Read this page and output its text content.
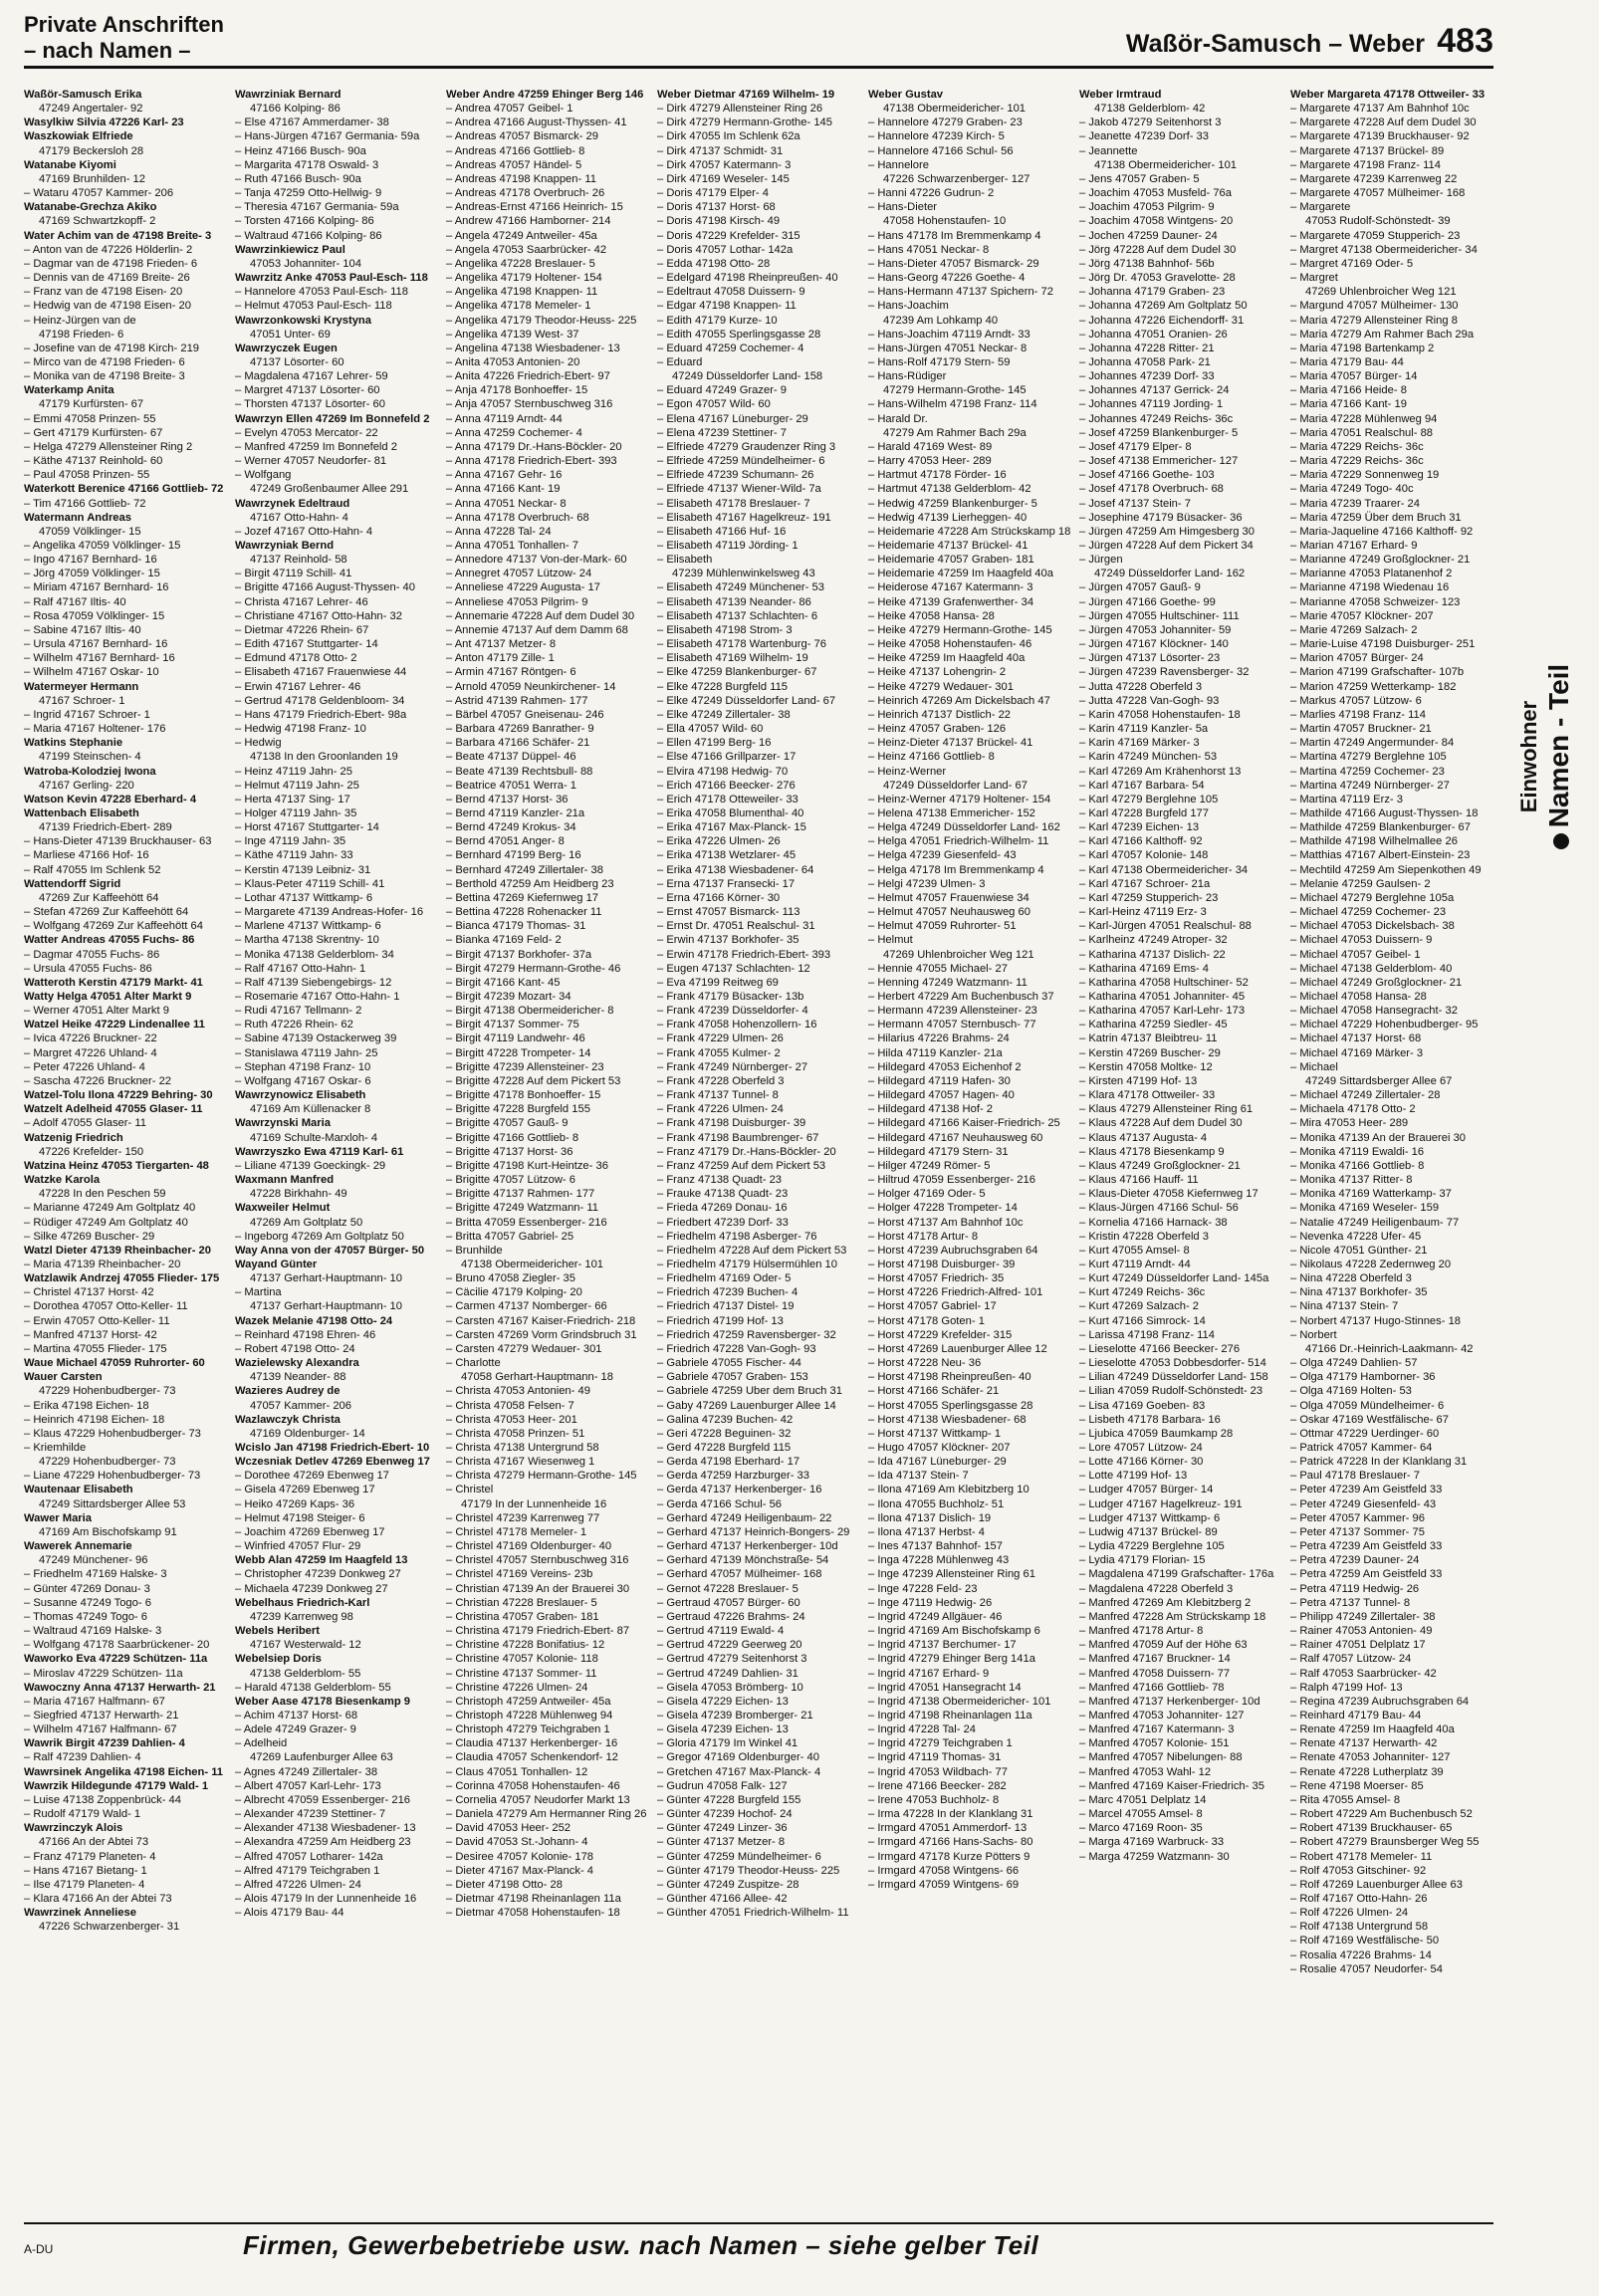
Private Anschriften
– nach Namen –	Waßör-Samusch – Weber 483
Waßör-Samusch Erika
47249 Angertaler- 92
Wasylkiw Silvia 47226 Karl- 23
Waszkowiak Elfriede
47179 Beckersloh 28
Watanabe Kiyomi
47169 Brunhilden- 12
– Wataru 47057 Kammer- 206
Watanabe-Grechza Akiko
47169 Schwartzkopff- 2
Water Achim van de 47198 Breite- 3
– Anton van de 47226 Hölderlin- 2
– Dagmar van de 47198 Frieden- 6
– Dennis van de 47169 Breite- 26
– Franz van de 47198 Eisen- 20
– Hedwig van de 47198 Eisen- 20
– Heinz-Jürgen van de
47198 Frieden- 6
– Josefine van de 47198 Kirch- 219
– Mirco van de 47198 Frieden- 6
– Monika van de 47198 Breite- 3
Waterkamp Anita
47179 Kurfürsten- 67
– Emmi 47058 Prinzen- 55
– Gert 47179 Kurfürsten- 67
– Helga 47279 Allensteiner Ring 2
– Käthe 47137 Reinhold- 60
– Paul 47058 Prinzen- 55
Waterkott Berenice 47166 Gottlieb- 72
– Tim 47166 Gottlieb- 72
Watermann Andreas
47059 Völklinger- 15
– Angelika 47059 Völklinger- 15
– Ingo 47167 Bernhard- 16
– Jörg 47059 Völklinger- 15
– Miriam 47167 Bernhard- 16
– Ralf 47167 Iltis- 40
– Rosa 47059 Völklinger- 15
– Sabine 47167 Iltis- 40
– Ursula 47167 Bernhard- 16
– Wilhelm 47167 Bernhard- 16
– Wilhelm 47167 Oskar- 10
Watermeyer Hermann
47167 Schroer- 1
– Ingrid 47167 Schroer- 1
– Maria 47167 Holtener- 176
Watkins Stephanie
47199 Steinschen- 4
Watroba-Kolodziej Iwona
47167 Gerling- 220
Watson Kevin 47228 Eberhard- 4
Wattenbach Elisabeth
47139 Friedrich-Ebert- 289
– Hans-Dieter 47139 Bruckhauser- 63
– Marliese 47166 Hof- 16
– Ralf 47055 Im Schlenk 52
Wattendorff Sigrid
47269 Zur Kaffeehött 64
– Stefan 47269 Zur Kaffeehött 64
– Wolfgang 47269 Zur Kaffeehött 64
Watter Andreas 47055 Fuchs- 86
– Dagmar 47055 Fuchs- 86
– Ursula 47055 Fuchs- 86
Watteroth Kerstin 47179 Markt- 41
Watty Helga 47051 Alter Markt 9
– Werner 47051 Alter Markt 9
Watzel Heike 47229 Lindenallee 11
– Ivica 47226 Bruckner- 22
– Margret 47226 Uhland- 4
– Peter 47226 Uhland- 4
– Sascha 47226 Bruckner- 22
Watzel-Tolu Ilona 47229 Behring- 30
Watzelt Adelheid 47055 Glaser- 11
– Adolf 47055 Glaser- 11
Watzenig Friedrich
47226 Krefelder- 150
Watzina Heinz 47053 Tiergarten- 48
Watzke Karola
47228 In den Peschen 59
– Marianne 47249 Am Goltplatz 40
– Rüdiger 47249 Am Goltplatz 40
– Silke 47269 Buscher- 29
Watzl Dieter 47139 Rheinbacher- 20
– Maria 47139 Rheinbacher- 20
Watzlawik Andrzej 47055 Flieder- 175
– Christel 47137 Horst- 42
– Dorothea 47057 Otto-Keller- 11
– Erwin 47057 Otto-Keller- 11
– Manfred 47137 Horst- 42
– Martina 47055 Flieder- 175
Waue Michael 47059 Ruhrorter- 60
Wauer Carsten
47229 Hohenbudberger- 73
– Erika 47198 Eichen- 18
– Heinrich 47198 Eichen- 18
– Klaus 47229 Hohenbudberger- 73
– Kriemhilde
47229 Hohenbudberger- 73
– Liane 47229 Hohenbudberger- 73
Wautenaar Elisabeth
47249 Sittardsberger Allee 53
Wawer Maria
47169 Am Bischofskamp 91
Wawerek Annemarie
47249 Münchener- 96
– Friedhelm 47169 Halske- 3
– Günter 47269 Donau- 3
– Susanne 47249 Togo- 6
– Thomas 47249 Togo- 6
– Waltraud 47169 Halske- 3
– Wolfgang 47178 Saarbrückener- 20
Waworko Eva 47229 Schützen- 11a
– Miroslav 47229 Schützen- 11a
Wawoczny Anna 47137 Herwarth- 21
– Maria 47167 Halfmann- 67
– Siegfried 47137 Herwarth- 21
– Wilhelm 47167 Halfmann- 67
Wawrik Birgit 47239 Dahlien- 4
– Ralf 47239 Dahlien- 4
Wawrsinek Angelika 47198 Eichen- 11
Wawrzik Hildegunde 47179 Wald- 1
– Luise 47138 Zoppenbrück- 44
– Rudolf 47179 Wald- 1
Wawrzinczyk Alois
47166 An der Abtei 73
– Franz 47179 Planeten- 4
– Hans 47167 Bietang- 1
– Ilse 47179 Planeten- 4
– Klara 47166 An der Abtei 73
Wawrzinek Anneliese
47226 Schwarzenberger- 31
Wawrziniak Bernard
47166 Kolping- 86
– Else 47167 Ammerdamer- 38
– Hans-Jürgen 47167 Germania- 59a
– Heinz 47166 Busch- 90a
– Margarita 47178 Oswald- 3
– Ruth 47166 Busch- 90a
– Tanja 47259 Otto-Hellwig- 9
– Theresia 47167 Germania- 59a
– Torsten 47166 Kolping- 86
– Waltraud 47166 Kolping- 86
Wawrzinkiewicz Paul
47053 Johanniter- 104
Wawrzitz Anke 47053 Paul-Esch- 118
– Hannelore 47053 Paul-Esch- 118
– Helmut 47053 Paul-Esch- 118
Wawrzonkowski Krystyna
47051 Unter- 69
Wawrzyczek Eugen
47137 Lösorter- 60
– Magdalena 47167 Lehrer- 59
– Margret 47137 Lösorter- 60
– Thorsten 47137 Lösorter- 60
Wawrzyn Ellen 47269 Im Bonnefeld 2
– Evelyn 47053 Mercator- 22
– Manfred 47259 Im Bonnefeld 2
– Werner 47057 Neudorfer- 81
– Wolfgang
47249 Großenbaumer Allee 291
Wawrzynek Edeltraud
47167 Otto-Hahn- 4
– Jozef 47167 Otto-Hahn- 4
Wawrzyniak Bernd
47137 Reinhold- 58
– Birgit 47119 Schill- 41
– Brigitte 47166 August-Thyssen- 40
– Christa 47167 Lehrer- 46
– Christiane 47167 Otto-Hahn- 32
– Dietmar 47226 Rhein- 67
– Edith 47167 Stuttgarter- 14
– Edmund 47178 Otto- 2
– Elisabeth 47167 Frauenwiese 44
– Erwin 47167 Lehrer- 46
– Gertrud 47178 Geldenbloom- 34
– Hans 47179 Friedrich-Ebert- 98a
– Hedwig 47198 Franz- 10
– Hedwig
47138 In den Groonlanden 19
– Heinz 47119 Jahn- 25
– Helmut 47119 Jahn- 25
– Herta 47137 Sing- 17
– Holger 47119 Jahn- 35
– Horst 47167 Stuttgarter- 14
– Inge 47119 Jahn- 35
– Käthe 47119 Jahn- 33
– Kerstin 47139 Leibniz- 31
– Klaus-Peter 47119 Schill- 41
– Lothar 47137 Wittkamp- 6
– Margarete 47139 Andreas-Hofer- 16
– Marlene 47137 Wittkamp- 6
– Martha 47138 Skrentny- 10
– Monika 47138 Gelderblom- 34
– Ralf 47167 Otto-Hahn- 1
– Ralf 47139 Siebengebirgs- 12
– Rosemarie 47167 Otto-Hahn- 1
– Rudi 47167 Tellmann- 2
– Ruth 47226 Rhein- 62
– Sabine 47139 Ostackerweg 39
– Stanislawa 47119 Jahn- 25
– Stephan 47198 Franz- 10
– Wolfgang 47167 Oskar- 6
Wawrzynowicz Elisabeth
47169 Am Küllenacker 8
Wawrzynski Maria
47169 Schulte-Marxloh- 4
Wawrzyszko Ewa 47119 Karl- 61
– Liliane 47139 Goeckingk- 29
Waxmann Manfred
47228 Birkhahn- 49
Waxweiler Helmut
47269 Am Goltplatz 50
– Ingeborg 47269 Am Goltplatz 50
Way Anna von der 47057 Bürger- 50
Wayand Günter
47137 Gerhart-Hauptmann- 10
– Martina
47137 Gerhart-Hauptmann- 10
Wazek Melanie 47198 Otto- 24
– Reinhard 47198 Ehren- 46
– Robert 47198 Otto- 24
Wazielewsky Alexandra
47139 Neander- 88
Wazieres Audrey de
47057 Kammer- 206
Wazlawczyk Christa
47169 Oldenburger- 14
Wcislo Jan 47198 Friedrich-Ebert- 10
Wczesniak Detlev 47269 Ebenweg 17
– Dorothee 47269 Ebenweg 17
– Gisela 47269 Ebenweg 17
– Heiko 47269 Kaps- 36
– Helmut 47198 Steiger- 6
– Joachim 47269 Ebenweg 17
– Winfried 47057 Flur- 29
Webb Alan 47259 Im Haagfeld 13
– Christopher 47239 Donkweg 27
– Michaela 47239 Donkweg 27
Webelhaus Friedrich-Karl
47239 Karrenweg 98
Webels Heribert
47167 Westerwald- 12
Webelsiep Doris
47138 Gelderblom- 55
– Harald 47138 Gelderblom- 55
Weber Aase 47178 Biesenkamp 9
– Achim 47137 Horst- 68
– Adele 47249 Grazer- 9
– Adelheid
47269 Laufenburger Allee 63
– Agnes 47249 Zillertaler- 38
– Albert 47057 Karl-Lehr- 173
– Albrecht 47059 Essenberger- 216
– Alexander 47239 Stettiner- 7
– Alexander 47138 Wiesbadener- 13
– Alexandra 47259 Am Heidberg 23
– Alfred 47057 Lotharer- 142a
– Alfred 47179 Teichgraben 1
– Alfred 47226 Ulmen- 24
– Alois 47179 In der Lunnenheide 16
– Alois 47179 Bau- 44
Weber Andre 47259 Ehinger Berg 146
– Andrea 47057 Geibel- 1
– Andrea 47166 August-Thyssen- 41
– Andreas 47057 Bismarck- 29
– Andreas 47166 Gottlieb- 8
– Andreas 47057 Händel- 5
– Andreas 47198 Knappen- 11
– Andreas 47178 Overbruch- 26
– Andreas-Ernst 47166 Heinrich- 15
– Andrew 47166 Hamborner- 214
– Angela 47249 Antweiler- 45a
– Angela 47053 Saarbrücker- 42
– Angelika 47228 Breslauer- 5
– Angelika 47179 Holtener- 154
– Angelika 47198 Knappen- 11
– Angelika 47178 Memeler- 1
– Angelika 47179 Theodor-Heuss- 225
– Angelika 47139 West- 37
– Angelina 47138 Wiesbadener- 13
– Anita 47053 Antonien- 20
– Anita 47226 Friedrich-Ebert- 97
– Anja 47178 Bonhoeffer- 15
– Anja 47057 Sternbuschweg 316
– Anna 47119 Arndt- 44
– Anna 47259 Cochemer- 4
– Anna 47179 Dr.-Hans-Böckler- 20
– Anna 47178 Friedrich-Ebert- 393
– Anna 47167 Gehr- 16
– Anna 47166 Kant- 19
– Anna 47051 Neckar- 8
– Anna 47178 Overbruch- 68
– Anna 47228 Tal- 24
– Anna 47051 Tonhallen- 7
– Annedore 47137 Von-der-Mark- 60
– Annegret 47057 Lützow- 24
– Anneliese 47229 Augusta- 17
– Anneliese 47053 Pilgrim- 9
– Annemarie 47228 Auf dem Dudel 30
– Annemie 47137 Auf dem Damm 68
– Ant 47137 Metzer- 8
– Anton 47179 Zille- 1
– Armin 47167 Röntgen- 6
– Arnold 47059 Neunkirchener- 14
– Astrid 47139 Rahmen- 177
– Bärbel 47057 Gneisenau- 246
– Barbara 47269 Banrather- 9
– Barbara 47166 Schäfer- 21
– Beate 47137 Düppel- 46
– Beate 47139 Rechtsbull- 88
– Beatrice 47051 Werra- 1
– Bernd 47137 Horst- 36
– Bernd 47119 Kanzler- 21a
– Bernd 47249 Krokus- 34
– Bernd 47051 Anger- 8
– Bernhard 47199 Berg- 16
– Bernhard 47249 Zillertaler- 38
– Berthold 47259 Am Heidberg 23
– Bettina 47269 Kiefernweg 17
– Bettina 47228 Rohenacker 11
– Bianca 47179 Thomas- 31
– Bianka 47169 Feld- 2
– Birgit 47137 Borkhofer- 37a
– Birgit 47279 Hermann-Grothe- 46
– Birgit 47166 Kant- 45
– Birgit 47239 Mozart- 34
– Birgit 47138 Obermeidericher- 8
– Birgit 47137 Sommer- 75
– Birgit 47119 Landwehr- 46
– Birgitt 47228 Trompeter- 14
– Brigitte 47239 Allensteiner- 23
– Brigitte 47228 Auf dem Pickert 53
– Brigitte 47178 Bonhoeffer- 15
– Brigitte 47228 Burgfeld 155
– Brigitte 47057 Gauß- 9
– Brigitte 47166 Gottlieb- 8
– Brigitte 47137 Horst- 36
– Brigitte 47198 Kurt-Heintze- 36
– Brigitte 47057 Lützow- 6
– Brigitte 47137 Rahmen- 177
– Brigitte 47249 Watzmann- 11
– Britta 47059 Essenberger- 216
– Britta 47057 Gabriel- 25
– Brunhilde
47138 Obermeidericher- 101
– Bruno 47058 Ziegler- 35
– Cäcilie 47179 Kolping- 20
– Carmen 47137 Nomberger- 66
– Carsten 47167 Kaiser-Friedrich- 218
– Carsten 47269 Vorm Grindsbruch 31
– Carsten 47279 Wedauer- 301
– Charlotte
47058 Gerhart-Hauptmann- 18
– Christa 47053 Antonien- 49
– Christa 47058 Felsen- 7
– Christa 47053 Heer- 201
– Christa 47058 Prinzen- 51
– Christa 47138 Untergrund 58
– Christa 47167 Wiesenweg 1
– Christa 47279 Hermann-Grothe- 145
– Christel
47179 In der Lunnenheide 16
– Christel 47239 Karrenweg 77
– Christel 47178 Memeler- 1
– Christel 47169 Oldenburger- 40
– Christel 47057 Sternbuschweg 316
– Christel 47169 Vereins- 23b
– Christian 47139 An der Brauerei 30
– Christian 47228 Breslauer- 5
– Christina 47057 Graben- 181
– Christina 47179 Friedrich-Ebert- 87
– Christine 47228 Bonifatius- 12
– Christine 47057 Kolonie- 118
– Christine 47137 Sommer- 11
– Christine 47226 Ulmen- 24
– Christoph 47259 Antweiler- 45a
– Christoph 47228 Mühlenweg 94
– Christoph 47279 Teichgraben 1
– Claudia 47137 Herkenberger- 16
– Claudia 47057 Schenkendorf- 12
– Claus 47051 Tonhallen- 12
– Corinna 47058 Hohenstaufen- 46
– Cornelia 47057 Neudorfer Markt 13
– Daniela 47279 Am Hermanner Ring 26
– David 47053 Heer- 252
– David 47053 St.-Johann- 4
– Desiree 47057 Kolonie- 178
– Dieter 47167 Max-Planck- 4
– Dieter 47198 Otto- 28
– Dietmar 47198 Rheinanlagen 11a
– Dietmar 47058 Hohenstaufen- 18
Weber Dietmar 47169 Wilhelm- 19
– Dirk 47279 Allensteiner Ring 26
– Dirk 47279 Hermann-Grothe- 145
– Dirk 47055 Im Schlenk 62a
– Dirk 47137 Schmidt- 31
– Dirk 47057 Katermann- 3
– Dirk 47169 Weseler- 145
– Doris 47179 Elper- 4
– Doris 47137 Horst- 68
– Doris 47198 Kirsch- 49
– Doris 47229 Krefelder- 315
– Doris 47057 Lothar- 142a
– Edda 47198 Otto- 28
– Edelgard 47198 Rheinpreußen- 40
– Edeltraut 47058 Duissern- 9
– Edgar 47198 Knappen- 11
– Edith 47179 Kurze- 10
– Edith 47055 Sperlingsgasse 28
– Eduard 47259 Cochemer- 4
– Eduard
47249 Düsseldorfer Land- 158
– Eduard 47249 Grazer- 9
– Egon 47057 Wild- 60
– Elena 47167 Lüneburger- 29
– Elena 47239 Stettiner- 7
– Elfriede 47279 Graudenzer Ring 3
– Elfriede 47259 Mündelheimer- 6
– Elfriede 47239 Schumann- 26
– Elfriede 47137 Wiener-Wild- 7a
– Elisabeth 47178 Breslauer- 7
– Elisabeth 47167 Hagelkreuz- 191
– Elisabeth 47166 Huf- 16
– Elisabeth 47119 Jörding- 1
– Elisabeth
47239 Mühlenwinkelsweg 43
– Elisabeth 47249 Münchener- 53
– Elisabeth 47139 Neander- 86
– Elisabeth 47137 Schlachten- 6
– Elisabeth 47198 Strom- 3
– Elisabeth 47178 Wartenburg- 76
– Elisabeth 47169 Wilhelm- 19
– Elke 47259 Blankenburger- 67
– Elke 47228 Burgfeld 115
– Elke 47249 Düsseldorfer Land- 67
– Elke 47249 Zillertaler- 38
– Ella 47057 Wild- 60
– Ellen 47199 Berg- 16
– Else 47166 Grillparzer- 17
– Elvira 47198 Hedwig- 70
– Erich 47166 Beecker- 276
– Erich 47178 Otteweiler- 33
– Erika 47058 Blumenthal- 40
– Erika 47167 Max-Planck- 15
– Erika 47226 Ulmen- 26
– Erika 47138 Wetzlarer- 45
– Erika 47138 Wiesbadener- 64
– Erna 47137 Fransecki- 17
– Erna 47166 Körner- 30
– Ernst 47057 Bismarck- 113
– Ernst Dr. 47051 Realschul- 31
– Erwin 47137 Borkhofer- 35
– Erwin 47178 Friedrich-Ebert- 393
– Eugen 47137 Schlachten- 12
– Eva 47199 Reitweg 69
– Frank 47179 Büsacker- 13b
– Frank 47239 Düsseldorfer- 4
– Frank 47058 Hohenzollern- 16
– Frank 47229 Ulmen- 26
– Frank 47055 Kulmer- 2
– Frank 47249 Nürnberger- 27
– Frank 47228 Oberfeld 3
– Frank 47137 Tunnel- 8
– Frank 47226 Ulmen- 24
– Frank 47198 Duisburger- 39
– Frank 47198 Baumbrenger- 67
– Franz 47179 Dr.-Hans-Böckler- 20
– Franz 47259 Auf dem Pickert 53
– Franz 47138 Quadt- 23
– Frauke 47138 Quadt- 23
– Frieda 47269 Donau- 16
– Friedbert 47239 Dorf- 33
– Friedhelm 47198 Asberger- 76
– Friedhelm 47228 Auf dem Pickert 53
– Friedhelm 47179 Hülsermühlen 10
– Friedhelm 47169 Oder- 5
– Friedrich 47239 Buchen- 4
– Friedrich 47137 Distel- 19
– Friedrich 47199 Hof- 13
– Friedrich 47259 Ravensberger- 32
– Friedrich 47228 Van-Gogh- 93
– Gabriele 47055 Fischer- 44
– Gabriele 47057 Graben- 153
– Gabriele 47259 Uber dem Bruch 31
– Gaby 47269 Lauenburger Allee 14
– Galina 47239 Buchen- 42
– Geri 47228 Beguinen- 32
– Gerd 47228 Burgfeld 115
– Gerda 47198 Eberhard- 17
– Gerda 47259 Harzburger- 33
– Gerda 47137 Herkenberger- 16
– Gerda 47166 Schul- 56
– Gerhard 47249 Heiligenbaum- 22
– Gerhard 47137 Heinrich-Bongers- 29
– Gerhard 47137 Herkenberger- 10d
– Gerhard 47139 Mönchstraße- 54
– Gerhard 47057 Mülheimer- 168
– Gernot 47228 Breslauer- 5
– Gertraud 47057 Bürger- 60
– Gertraud 47226 Brahms- 24
– Gertrud 47119 Ewald- 4
– Gertrud 47229 Geerweg 20
– Gertrud 47279 Seitenhorst 3
– Gertrud 47249 Dahlien- 31
– Gisela 47053 Brömberg- 10
– Gisela 47229 Eichen- 13
– Gisela 47239 Bromberger- 21
– Gisela 47239 Eichen- 13
– Gloria 47179 Im Winkel 41
– Gregor 47169 Oldenburger- 40
– Gretchen 47167 Max-Planck- 4
– Gudrun 47058 Falk- 127
– Günter 47228 Burgfeld 155
– Günter 47239 Hochof- 24
– Günter 47249 Linzer- 36
– Günter 47137 Metzer- 8
– Günter 47259 Mündelheimer- 6
– Günter 47179 Theodor-Heuss- 225
– Günter 47249 Zuspitze- 28
– Günther 47166 Allee- 42
– Günther 47051 Friedrich-Wilhelm- 11
Weber Gustav
47138 Obermeidericher- 101
– Hannelore 47279 Graben- 23
– Hannelore 47239 Kirch- 5
– Hannelore 47166 Schul- 56
– Hannelore
47226 Schwarzenberger- 127
– Hanni 47226 Gudrun- 2
– Hans-Dieter
47058 Hohenstaufen- 10
– Hans 47178 Im Bremmenkamp 4
– Hans 47051 Neckar- 8
– Hans-Dieter 47057 Bismarck- 29
– Hans-Georg 47226 Goethe- 4
– Hans-Hermann 47137 Spichern- 72
– Hans-Joachim
47239 Am Lohkamp 40
– Hans-Joachim 47119 Arndt- 33
– Hans-Jürgen 47051 Neckar- 8
– Hans-Rolf 47179 Stern- 59
– Hans-Rüdiger
47279 Hermann-Grothe- 145
– Hans-Wilhelm 47198 Franz- 114
– Harald Dr.
47279 Am Rahmer Bach 29a
– Harald 47169 West- 89
– Harry 47053 Heer- 289
– Hartmut 47178 Förder- 16
– Hartmut 47138 Gelderblom- 42
– Hedwig 47259 Blankenburger- 5
– Hedwig 47139 Lierheggen- 40
– Heidemarie 47228 Am Strückskamp 18
– Heidemarie 47137 Brückel- 41
– Heidemarie 47057 Graben- 181
– Heidemarie 47259 Im Haagfeld 40a
– Heiderose 47167 Katermann- 3
– Heike 47139 Grafenwerther- 34
– Heike 47058 Hansa- 28
– Heike 47279 Hermann-Grothe- 145
– Heike 47058 Hohenstaufen- 46
– Heike 47259 Im Haagfeld 40a
– Heike 47137 Lohengrin- 2
– Heike 47279 Wedauer- 301
– Heinrich 47269 Am Dickelsbach 47
– Heinrich 47137 Distlich- 22
– Heinz 47057 Graben- 126
– Heinz-Dieter 47137 Brückel- 41
– Heinz 47166 Gottlieb- 8
– Heinz-Werner
47249 Düsseldorfer Land- 67
– Heinz-Werner 47179 Holtener- 154
– Helena 47138 Emmericher- 152
– Helga 47249 Düsseldorfer Land- 162
– Helga 47051 Friedrich-Wilhelm- 11
– Helga 47239 Giesenfeld- 43
– Helga 47178 Im Bremmenkamp 4
– Helgi 47239 Ulmen- 3
– Helmut 47057 Frauenwiese 34
– Helmut 47057 Neuhausweg 60
– Helmut 47059 Ruhrorter- 51
– Helmut
47269 Uhlenbroicher Weg 121
– Hennie 47055 Michael- 27
– Henning 47249 Watzmann- 11
– Herbert 47229 Am Buchenbusch 37
– Hermann 47239 Allensteiner- 23
– Hermann 47057 Sternbusch- 77
– Hilarius 47226 Brahms- 24
– Hilda 47119 Kanzler- 21a
– Hildegard 47053 Eichenhof 2
– Hildegard 47119 Hafen- 30
– Hildegard 47057 Hagen- 40
– Hildegard 47138 Hof- 2
– Hildegard 47166 Kaiser-Friedrich- 25
– Hildegard 47167 Neuhausweg 60
– Hildegard 47179 Stern- 31
– Hilger 47249 Römer- 5
– Hiltrud 47059 Essenberger- 216
– Holger 47169 Oder- 5
– Holger 47228 Trompeter- 14
– Horst 47137 Am Bahnhof 10c
– Horst 47178 Artur- 8
– Horst 47239 Aubruchsgraben 64
– Horst 47198 Duisburger- 39
– Horst 47057 Friedrich- 35
– Horst 47226 Friedrich-Alfred- 101
– Horst 47057 Gabriel- 17
– Horst 47178 Goten- 1
– Horst 47229 Krefelder- 315
– Horst 47269 Lauenburger Allee 12
– Horst 47228 Neu- 36
– Horst 47198 Rheinpreußen- 40
– Horst 47166 Schäfer- 21
– Horst 47055 Sperlingsgasse 28
– Horst 47138 Wiesbadener- 68
– Horst 47137 Wittkamp- 1
– Hugo 47057 Klöckner- 207
– Ida 47167 Lüneburger- 29
– Ida 47137 Stein- 7
– Ilona 47169 Am Klebitzberg 10
– Ilona 47055 Buchholz- 51
– Ilona 47137 Dislich- 19
– Ilona 47137 Herbst- 4
– Ines 47137 Bahnhof- 157
– Inga 47228 Mühlenweg 43
– Inge 47239 Allensteiner Ring 61
– Inge 47228 Feld- 23
– Inge 47119 Hedwig- 26
– Ingrid 47249 Allgäuer- 46
– Ingrid 47169 Am Bischofskamp 6
– Ingrid 47137 Berchumer- 17
– Ingrid 47279 Ehinger Berg 141a
– Ingrid 47167 Erhard- 9
– Ingrid 47051 Hansegracht 14
– Ingrid 47138 Obermeidericher- 101
– Ingrid 47198 Rheinanlagen 11a
– Ingrid 47228 Tal- 24
– Ingrid 47279 Teichgraben 1
– Ingrid 47119 Thomas- 31
– Ingrid 47053 Wildbach- 77
– Irene 47166 Beecker- 282
– Irene 47053 Buchholz- 8
– Irma 47228 In der Klanklang 31
– Irmgard 47051 Ammerdorf- 13
– Irmgard 47166 Hans-Sachs- 80
– Irmgard 47178 Kurze Pötters 9
– Irmgard 47058 Wintgens- 66
– Irmgard 47059 Wintgens- 69
Weber Irmtraud
47138 Gelderblom- 42
– Jakob 47279 Seitenhorst 3
– Jeanette 47239 Dorf- 33
– Jeannette
47138 Obermeidericher- 101
– Jens 47057 Graben- 5
– Joachim 47053 Musfeld- 76a
– Joachim 47053 Pilgrim- 9
– Joachim 47058 Wintgens- 20
– Jochen 47259 Dauner- 24
– Jörg 47228 Auf dem Dudel 30
– Jörg 47138 Bahnhof- 56b
– Jörg Dr. 47053 Gravelotte- 28
– Johanna 47179 Graben- 23
– Johanna 47269 Am Goltplatz 50
– Johanna 47226 Eichendorff- 31
– Johanna 47051 Oranien- 26
– Johanna 47228 Ritter- 21
– Johanna 47058 Park- 21
– Johannes 47239 Dorf- 33
– Johannes 47137 Gerrick- 24
– Johannes 47119 Jording- 1
– Johannes 47249 Reichs- 36c
– Josef 47259 Blankenburger- 5
– Josef 47179 Elper- 8
– Josef 47138 Emmericher- 127
– Josef 47166 Goethe- 103
– Josef 47178 Overbruch- 68
– Josef 47137 Stein- 7
– Josephine 47179 Büsacker- 36
– Jürgen 47259 Am Himgesberg 30
– Jürgen 47228 Auf dem Pickert 34
– Jürgen
47249 Düsseldorfer Land- 162
– Jürgen 47057 Gauß- 9
– Jürgen 47166 Goethe- 99
– Jürgen 47055 Hultschiner- 111
– Jürgen 47053 Johanniter- 59
– Jürgen 47167 Klöckner- 140
– Jürgen 47137 Lösorter- 23
– Jürgen 47239 Ravensberger- 32
– Jutta 47228 Oberfeld 3
– Jutta 47228 Van-Gogh- 93
– Karin 47058 Hohenstaufen- 18
– Karin 47119 Kanzler- 5a
– Karin 47169 Märker- 3
– Karin 47249 München- 53
– Karl 47269 Am Krähenhorst 13
– Karl 47167 Barbara- 54
– Karl 47279 Berglehne 105
– Karl 47228 Burgfeld 177
– Karl 47239 Eichen- 13
– Karl 47166 Kalthoff- 92
– Karl 47057 Kolonie- 148
– Karl 47138 Obermeidericher- 34
– Karl 47167 Schroer- 21a
– Karl 47259 Stupperich- 23
– Karl-Heinz 47119 Erz- 3
– Karl-Jürgen 47051 Realschul- 88
– Karlheinz 47249 Atroper- 32
– Katharina 47137 Dislich- 22
– Katharina 47169 Ems- 4
– Katharina 47058 Hultschiner- 52
– Katharina 47051 Johanniter- 45
– Katharina 47057 Karl-Lehr- 173
– Katharina 47259 Siedler- 45
– Katrin 47137 Bleibtreu- 11
– Kerstin 47269 Buscher- 29
– Kerstin 47058 Moltke- 12
– Kirsten 47199 Hof- 13
– Klara 47178 Ottweiler- 33
– Klaus 47279 Allensteiner Ring 61
– Klaus 47228 Auf dem Dudel 30
– Klaus 47137 Augusta- 4
– Klaus 47178 Biesenkamp 9
– Klaus 47249 Großglockner- 21
– Klaus 47166 Hauff- 11
– Klaus-Dieter 47058 Kiefernweg 17
– Klaus-Jürgen 47166 Schul- 56
– Kornelia 47166 Harnack- 38
– Kristin 47228 Oberfeld 3
– Kurt 47055 Amsel- 8
– Kurt 47119 Arndt- 44
– Kurt 47249 Düsseldorfer Land- 145a
– Kurt 47249 Reichs- 36c
– Kurt 47269 Salzach- 2
– Kurt 47166 Simrock- 14
– Larissa 47198 Franz- 114
– Lieselotte 47166 Beecker- 276
– Lieselotte 47053 Dobbesdorfer- 514
– Lilian 47249 Düsseldorfer Land- 158
– Lilian 47059 Rudolf-Schönstedt- 23
– Lisa 47169 Goeben- 83
– Lisbeth 47178 Barbara- 16
– Ljubica 47059 Baumkamp 28
– Lore 47057 Lützow- 24
– Lotte 47166 Körner- 30
– Lotte 47199 Hof- 13
– Ludger 47057 Bürger- 14
– Ludger 47167 Hagelkreuz- 191
– Ludger 47137 Wittkamp- 6
– Ludwig 47137 Brückel- 89
– Lydia 47229 Berglehne 105
– Lydia 47179 Florian- 15
– Magdalena 47199 Grafschafter- 176a
– Magdalena 47228 Oberfeld 3
– Manfred 47269 Am Klebitzberg 2
– Manfred 47228 Am Strückskamp 18
– Manfred 47178 Artur- 8
– Manfred 47059 Auf der Höhe 63
– Manfred 47167 Bruckner- 14
– Manfred 47058 Duissern- 77
– Manfred 47166 Gottlieb- 78
– Manfred 47137 Herkenberger- 10d
– Manfred 47053 Johanniter- 127
– Manfred 47167 Katermann- 3
– Manfred 47057 Kolonie- 151
– Manfred 47057 Nibelungen- 88
– Manfred 47053 Wahl- 12
– Manfred 47169 Kaiser-Friedrich- 35
– Marc 47051 Delplatz 14
– Marcel 47055 Amsel- 8
– Marco 47169 Roon- 35
– Marga 47169 Warbruck- 33
– Marga 47259 Watzmann- 30
Weber Margareta 47178 Ottweiler- 33
– Margarete 47137 Am Bahnhof 10c
– Margarete 47228 Auf dem Dudel 30
– Margarete 47139 Bruckhauser- 92
– Margarete 47137 Brückel- 89
– Margarete 47198 Franz- 114
– Margarete 47239 Karrenweg 22
– Margarete 47057 Mülheimer- 168
– Margarete
47053 Rudolf-Schönstedt- 39
– Margarete 47059 Stupperich- 23
– Margret 47138 Obermeidericher- 34
– Margret 47169 Oder- 5
– Margret
47269 Uhlenbroicher Weg 121
– Margund 47057 Mülheimer- 130
– Maria 47279 Allensteiner Ring 8
– Maria 47279 Am Rahmer Bach 29a
– Maria 47198 Bartenkamp 2
– Maria 47179 Bau- 44
– Maria 47057 Bürger- 14
– Maria 47166 Heide- 8
– Maria 47166 Kant- 19
– Maria 47228 Mühlenweg 94
– Maria 47051 Realschul- 88
– Maria 47229 Reichs- 36c
– Maria 47229 Reichs- 36c
– Maria 47229 Sonnenweg 19
– Maria 47249 Togo- 40c
– Maria 47239 Traarer- 24
– Maria 47259 Über dem Bruch 31
– Maria-Jaqueline 47166 Kalthoff- 92
– Marian 47167 Erhard- 9
– Marianne 47249 Großglockner- 21
– Marianne 47053 Platanenhof 2
– Marianne 47198 Wiedenau 16
– Marianne 47058 Schweizer- 123
– Marie 47057 Klöckner- 207
– Marie 47269 Salzach- 2
– Marie-Luise 47198 Duisburger- 251
– Marion 47057 Bürger- 24
– Marion 47199 Grafschafter- 107b
– Marion 47259 Wetterkamp- 182
– Markus 47057 Lützow- 6
– Marlies 47198 Franz- 114
– Martin 47057 Bruckner- 21
– Martin 47249 Angermunder- 84
– Martina 47279 Berglehne 105
– Martina 47259 Cochemer- 23
– Martina 47249 Nürnberger- 27
– Martina 47119 Erz- 3
– Mathilde 47166 August-Thyssen- 18
– Mathilde 47259 Blankenburger- 67
– Mathilde 47198 Wilhelmallee 26
– Matthias 47167 Albert-Einstein- 23
– Mechtild 47259 Am Siepenkothen 49
– Melanie 47259 Gaulsen- 2
– Michael 47279 Berglehne 105a
– Michael 47259 Cochemer- 23
– Michael 47053 Dickelsbach- 38
– Michael 47053 Duissern- 9
– Michael 47057 Geibel- 1
– Michael 47138 Gelderblom- 40
– Michael 47249 Großglockner- 21
– Michael 47058 Hansa- 28
– Michael 47058 Hansegracht- 32
– Michael 47229 Hohenbudberger- 95
– Michael 47137 Horst- 68
– Michael 47169 Märker- 3
– Michael
47249 Sittardsberger Allee 67
– Michael 47249 Zillertaler- 28
– Michaela 47178 Otto- 2
– Mira 47053 Heer- 289
– Monika 47139 An der Brauerei 30
– Monika 47119 Ewaldi- 16
– Monika 47166 Gottlieb- 8
– Monika 47137 Ritter- 8
– Monika 47169 Watterkamp- 37
– Monika 47169 Weseler- 159
– Natalie 47249 Heiligenbaum- 77
– Nevenka 47228 Ufer- 45
– Nicole 47051 Günther- 21
– Nikolaus 47228 Zedernweg 20
– Nina 47228 Oberfeld 3
– Nina 47137 Borkhofer- 35
– Nina 47137 Stein- 7
– Norbert 47137 Hugo-Stinnes- 18
– Norbert
47166 Dr.-Heinrich-Laakmann- 42
– Olga 47249 Dahlien- 57
– Olga 47179 Hamborner- 36
– Olga 47169 Holten- 53
– Olga 47059 Mündelheimer- 6
– Oskar 47169 Westfälische- 67
– Ottmar 47229 Uerdinger- 60
– Patrick 47057 Kammer- 64
– Patrick 47228 In der Klanklang 31
– Paul 47178 Breslauer- 7
– Peter 47239 Am Geistfeld 33
– Peter 47249 Giesenfeld- 43
– Peter 47057 Kammer- 96
– Peter 47137 Sommer- 75
– Petra 47239 Am Geistfeld 33
– Petra 47239 Dauner- 24
– Petra 47259 Am Geistfeld 33
– Petra 47119 Hedwig- 26
– Petra 47137 Tunnel- 8
– Philipp 47249 Zillertaler- 38
– Rainer 47053 Antonien- 49
– Rainer 47051 Delplatz 17
– Ralf 47057 Lützow- 24
– Ralf 47053 Saarbrücker- 42
– Ralph 47199 Hof- 13
– Regina 47239 Aubruchsgraben 64
– Reinhard 47179 Bau- 44
– Renate 47259 Im Haagfeld 40a
– Renate 47137 Herwarth- 42
– Renate 47053 Johanniter- 127
– Renate 47228 Lutherplatz 39
– Rene 47198 Moerser- 85
– Rita 47055 Amsel- 8
– Robert 47229 Am Buchenbusch 52
– Robert 47139 Bruckhauser- 65
– Robert 47279 Braunsberger Weg 55
– Robert 47178 Memeler- 11
– Rolf 47053 Gitschiner- 92
– Rolf 47269 Lauenburger Allee 63
– Rolf 47167 Otto-Hahn- 26
– Rolf 47226 Ulmen- 24
– Rolf 47138 Untergrund 58
– Rolf 47169 Westfälische- 50
– Rosalia 47226 Brahms- 14
– Rosalie 47057 Neudorfer- 54
Einwohner Namen - Teil
A-DU	Firmen, Gewerbebetriebe usw. nach Namen – siehe gelber Teil
